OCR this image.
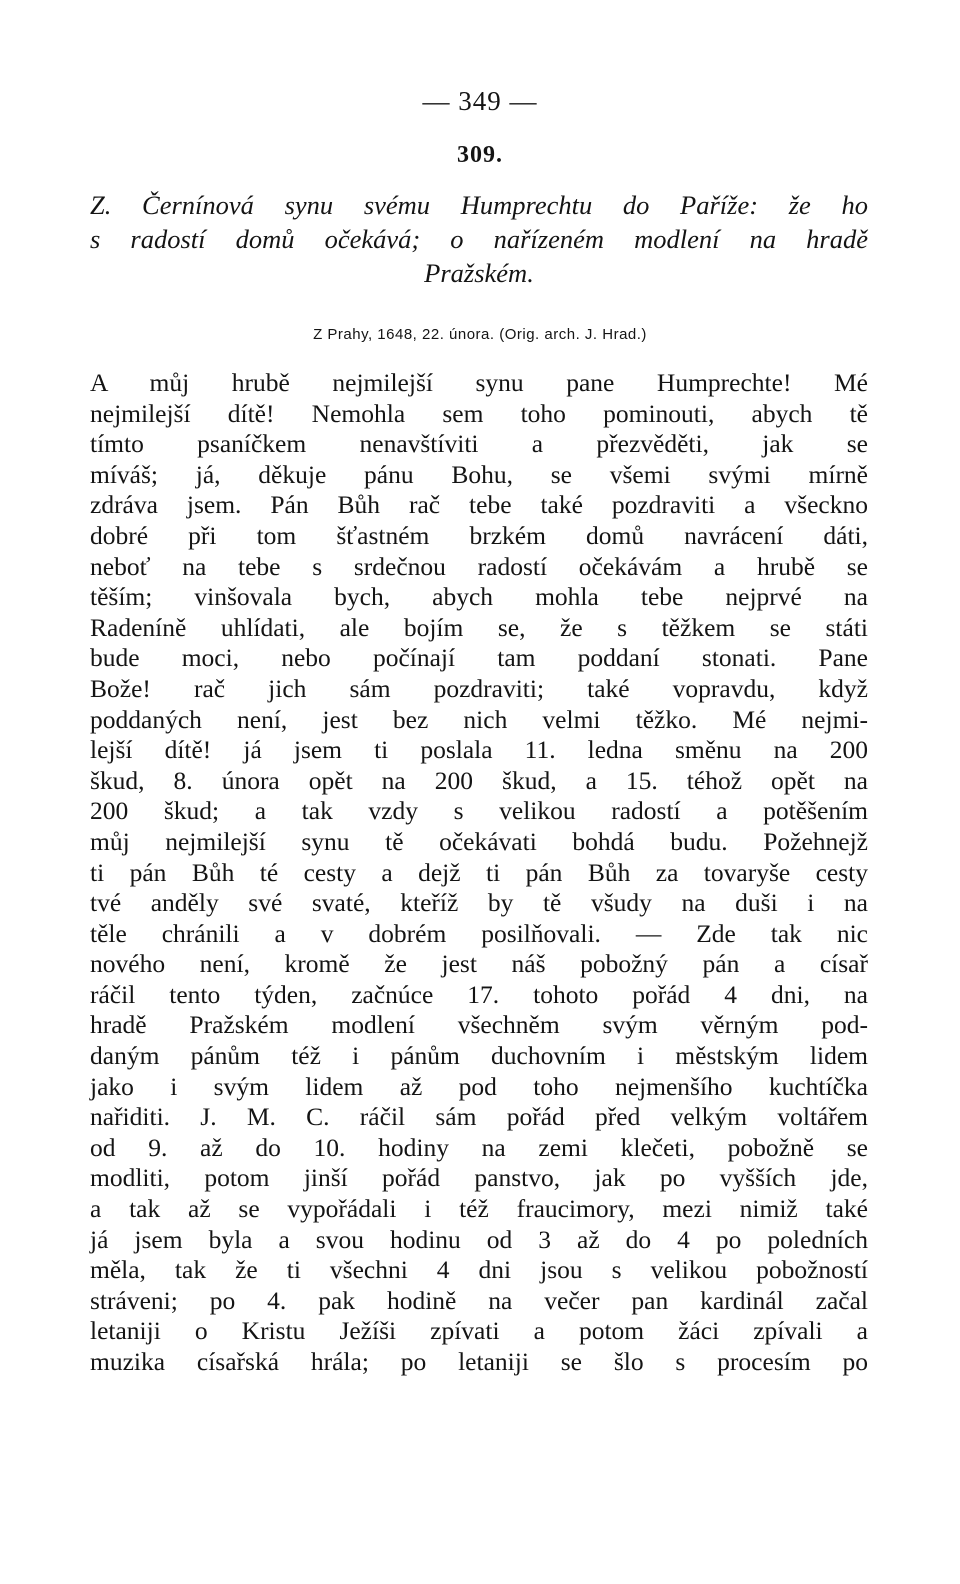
— 349 —
309.
Z. Černínová synu svému Humprechtu do Paříže: že ho
s radostí domů očekává; o nařízeném modlení na hradě
Pražském.
Z Prahy, 1648, 22. února. (Orig. arch. J. Hrad.)
A můj hrubě nejmilejší synu pane Humprechte! Mé
nejmilejší dítě! Nemohla sem toho pominouti, abych tě
tímto psaníčkem nenavštíviti a přezvěděti, jak se
míváš; já, děkuje pánu Bohu, se všemi svými mírně
zdráva jsem. Pán Bůh rač tebe také pozdraviti a všeckno
dobré při tom šťastném brzkém domů navrácení dáti,
neboť na tebe s srdečnou radostí očekávám a hrubě se
těším; vinšovala bych, abych mohla tebe nejprvé na
Radeníně uhlídati, ale bojím se, že s těžkem se státi
bude moci, nebo počínají tam poddaní stonati. Pane
Bože! rač jich sám pozdraviti; také vopravdu, když
poddaných není, jest bez nich velmi těžko. Mé nejmi-
lejší dítě! já jsem ti poslala 11. ledna směnu na 200
škud, 8. února opět na 200 škud, a 15. téhož opět na
200 škud; a tak vzdy s velikou radostí a potěšením
můj nejmilejší synu tě očekávati bohdá budu. Požehnejž
ti pán Bůh té cesty a dejž ti pán Bůh za tovaryše cesty
tvé anděly své svaté, kteříž by tě všudy na duši i na
těle chránili a v dobrém posilňovali. — Zde tak nic
nového není, kromě že jest náš pobožný pán a císař
ráčil tento týden, začnúce 17. tohoto pořád 4 dni, na
hradě Pražském modlení všechněm svým věrným pod-
daným pánům též i pánům duchovním i městským lidem
jako i svým lidem až pod toho nejmenšího kuchtíčka
nařiditi. J. M. C. ráčil sám pořád před velkým voltářem
od 9. až do 10. hodiny na zemi klečeti, pobožně se
modliti, potom jinší pořád panstvo, jak po vyšších jde,
a tak až se vypořádali i též fraucimory, mezi nimiž také
já jsem byla a svou hodinu od 3 až do 4 po poledních
měla, tak že ti všechni 4 dni jsou s velikou pobožností
stráveni; po 4. pak hodině na večer pan kardinál začal
letaniji o Kristu Ježíši zpívati a potom žáci zpívali a
muzika císařská hrála; po letaniji se šlo s procesím po
